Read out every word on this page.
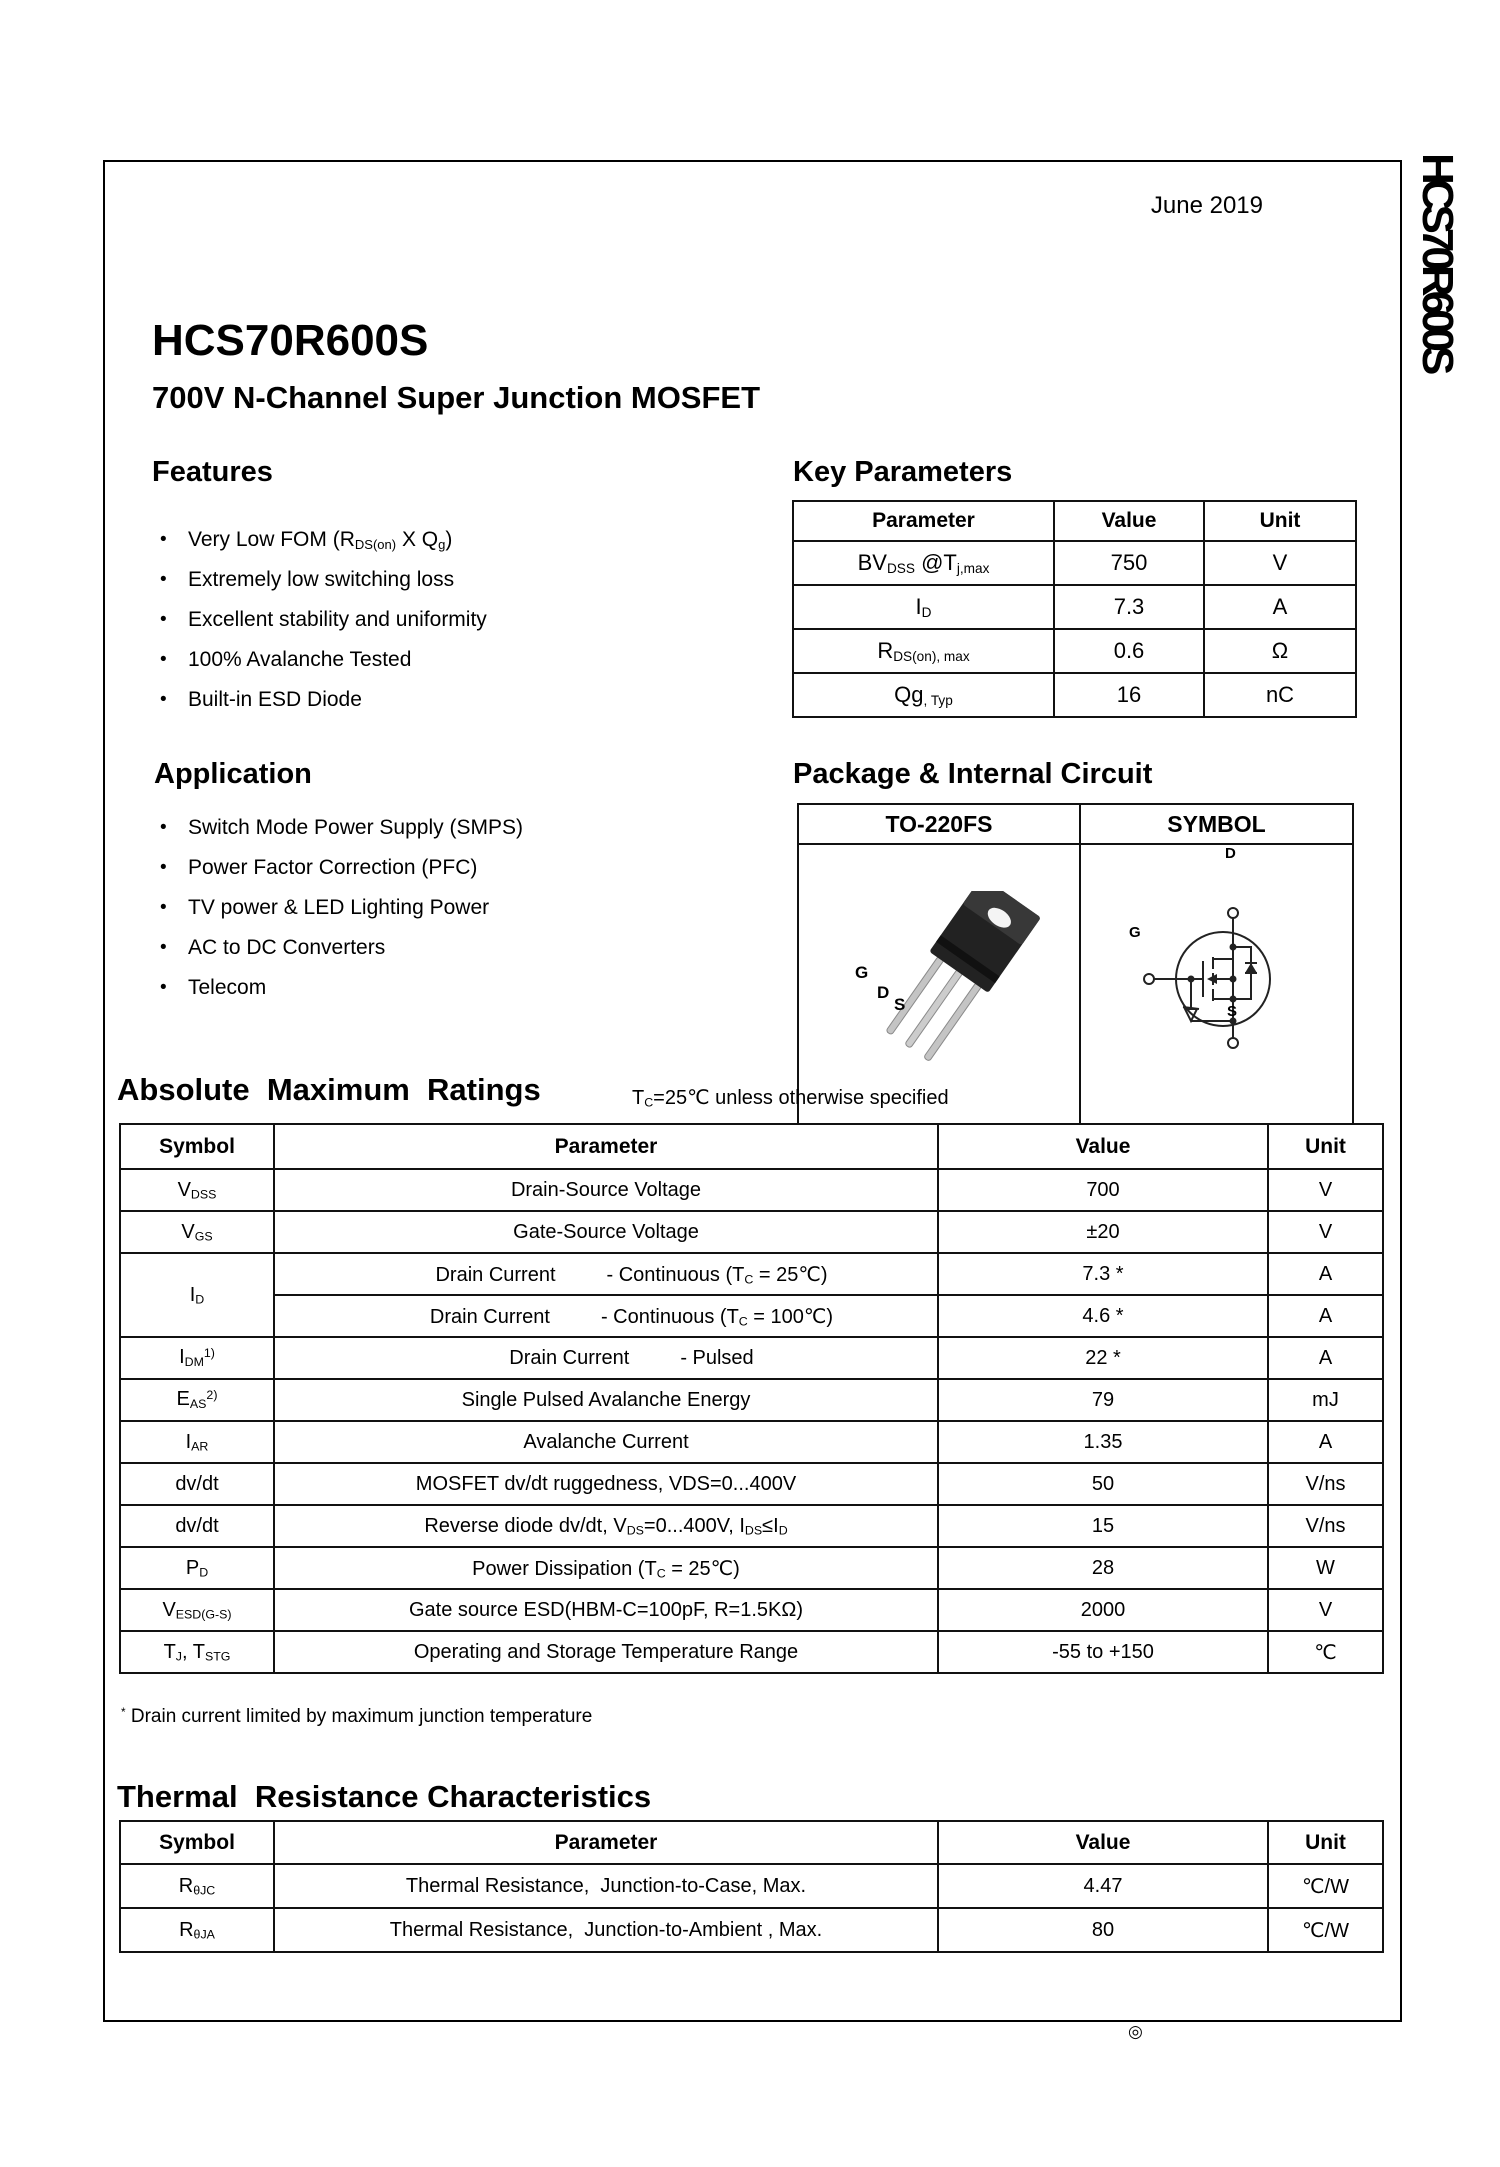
June 2019	HCS70R600S
HCS70R600S
700V N-Channel Super Junction MOSFET
Features
• Very Low FOM ($R_{DS(on)}$ X $Q_g$)
• Extremely low switching loss
• Excellent stability and uniformity
• 100% Avalanche Tested
• Built-in ESD Diode
Key Parameters
Parameter	Value	Unit
$BV_{DSS}$ $@T_{j,max}$	750	V
$I_D$	7.3	A
$R_{DS(on), max}$	0.6	Ω
$Qg_{, Typ}$	16	nC
Application
• Switch Mode Power Supply (SMPS)
• Power Factor Correction (PFC)
• TV power & LED Lighting Power
• AC to DC Converters
• Telecom
Package & Internal Circuit
TO-220FS	SYMBOL

G

D

S	D

G

S

Absolute  Maximum  Ratings	$T_C=25℃$ unless otherwise specified
Symbol	Parameter	Value	Unit
$V_{DSS}$	Drain-Source Voltage	700	V
$V_{GS}$	Gate-Source Voltage	±20	V
$I_D$	Drain Current - Continuous ($T_C$ = 25℃)	7.3 *	A
	Drain Current - Continuous ($T_C$ = 100℃)	4.6 *	A
$I_{DM}^{1)}$	Drain Current - Pulsed	22 *	A
$E_{AS}^{2)}$	Single Pulsed Avalanche Energy	79	mJ
$I_{AR}$	Avalanche Current	1.35	A
dv/dt	MOSFET dv/dt ruggedness, VDS=0...400V	50	V/ns
dv/dt	Reverse diode dv/dt, $V_{DS}=0...400V$, $I_{DS}\le I_D$	15	V/ns
$P_D$	Power Dissipation ($T_C$ = 25℃)	28	W
$V_{ESD(G-S)}$	Gate source ESD(HBM-C=100pF, R=1.5KΩ)	2000	V
$T_J$, $T_{STG}$	Operating and Storage Temperature Range	-55 to +150	℃
* Drain current limited by maximum junction temperature
Thermal  Resistance Characteristics
Symbol	Parameter	Value	Unit
$R_{\theta JC}$	Thermal Resistance,  Junction-to-Case, Max.	4.47	℃/W
$R_{\theta JA}$	Thermal Resistance,  Junction-to-Ambient , Max.	80	℃/W
◎
